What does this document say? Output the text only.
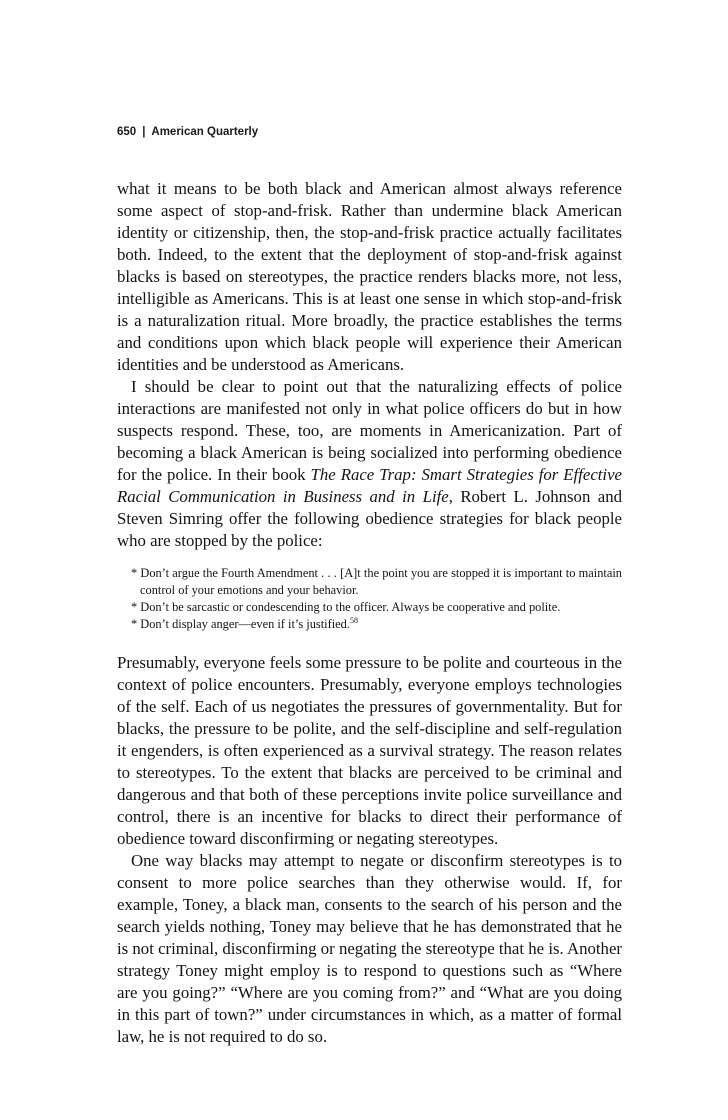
650 | American Quarterly

what it means to be both black and American almost always reference some aspect of stop-and-frisk. Rather than undermine black American identity or citizenship, then, the stop-and-frisk practice actually facilitates both. Indeed, to the extent that the deployment of stop-and-frisk against blacks is based on stereotypes, the practice renders blacks more, not less, intelligible as Americans. This is at least one sense in which stop-and-frisk is a naturalization ritual. More broadly, the practice establishes the terms and conditions upon which black people will experience their American identities and be understood as Americans.

I should be clear to point out that the naturalizing effects of police interactions are manifested not only in what police officers do but in how suspects respond. These, too, are moments in Americanization. Part of becoming a black American is being socialized into performing obedience for the police. In their book The Race Trap: Smart Strategies for Effective Racial Communication in Business and in Life, Robert L. Johnson and Steven Simring offer the following obedience strategies for black people who are stopped by the police:

* Don’t argue the Fourth Amendment . . . [A]t the point you are stopped it is important to maintain control of your emotions and your behavior.

* Don’t be sarcastic or condescending to the officer. Always be cooperative and polite.

* Don’t display anger—even if it’s justified.$^{58}$

Presumably, everyone feels some pressure to be polite and courteous in the context of police encounters. Presumably, everyone employs technologies of the self. Each of us negotiates the pressures of governmentality. But for blacks, the pressure to be polite, and the self-discipline and self-regulation it engenders, is often experienced as a survival strategy. The reason relates to stereotypes. To the extent that blacks are perceived to be criminal and dangerous and that both of these perceptions invite police surveillance and control, there is an incentive for blacks to direct their performance of obedience toward disconfirming or negating stereotypes.

One way blacks may attempt to negate or disconfirm stereotypes is to consent to more police searches than they otherwise would. If, for example, Toney, a black man, consents to the search of his person and the search yields nothing, Toney may believe that he has demonstrated that he is not criminal, disconfirming or negating the stereotype that he is. Another strategy Toney might employ is to respond to questions such as “Where are you going?” “Where are you coming from?” and “What are you doing in this part of town?” under circumstances in which, as a matter of formal law, he is not required to do so.
